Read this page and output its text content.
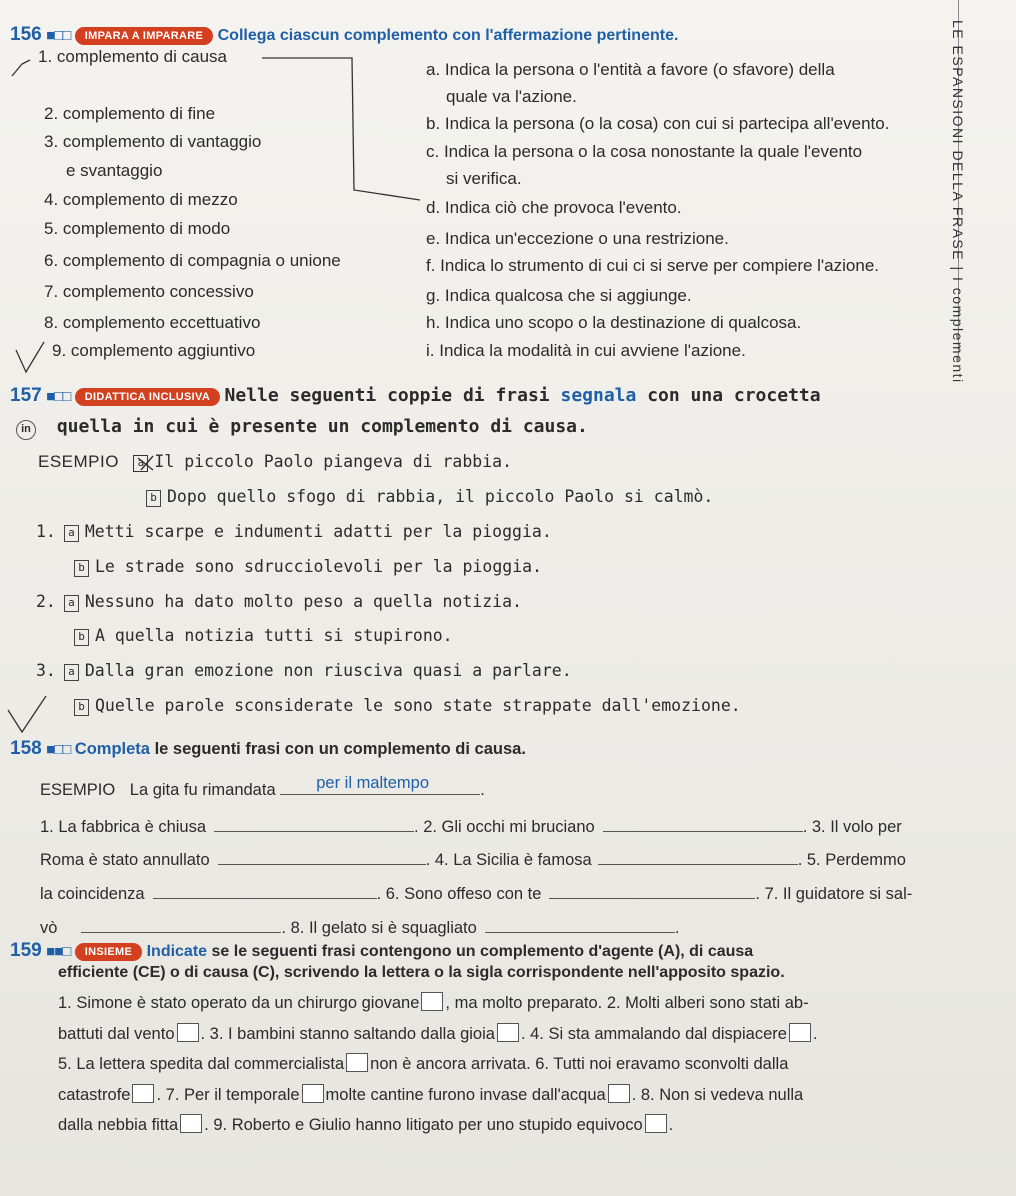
LE ESPANSIONI DELLA FRASE | I complementi
156 ■□□ IMPARA A IMPARARE Collega ciascun complemento con l'affermazione pertinente.
1. complemento di causa
2. complemento di fine
3. complemento di vantaggio
e svantaggio
4. complemento di mezzo
5. complemento di modo
6. complemento di compagnia o unione
7. complemento concessivo
8. complemento eccettuativo
9. complemento aggiuntivo
a. Indica la persona o l'entità a favore (o sfavore) della
quale va l'azione.
b. Indica la persona (o la cosa) con cui si partecipa all'evento.
c. Indica la persona o la cosa nonostante la quale l'evento
si verifica.
d. Indica ciò che provoca l'evento.
e. Indica un'eccezione o una restrizione.
f. Indica lo strumento di cui ci si serve per compiere l'azione.
g. Indica qualcosa che si aggiunge.
h. Indica uno scopo o la destinazione di qualcosa.
i. Indica la modalità in cui avviene l'azione.
157 ■□□ DIDATTICA INCLUSIVA Nelle seguenti coppie di frasi segnala con una crocetta
in quella in cui è presente un complemento di causa.
ESEMPIO a Il piccolo Paolo piangeva di rabbia.
b Dopo quello sfogo di rabbia, il piccolo Paolo si calmò.
1. a Metti scarpe e indumenti adatti per la pioggia.
b Le strade sono sdrucciolevoli per la pioggia.
2. a Nessuno ha dato molto peso a quella notizia.
b A quella notizia tutti si stupirono.
3. a Dalla gran emozione non riusciva quasi a parlare.
b Quelle parole sconsiderate le sono state strappate dall'emozione.
158 ■□□ Completa le seguenti frasi con un complemento di causa.
ESEMPIO La gita fu rimandata per il maltempo	.
1. La fabbrica è chiusa	. 2. Gli occhi mi bruciano	. 3. Il volo per
Roma è stato annullato	. 4. La Sicilia è famosa	. 5. Perdemmo
la coincidenza	. 6. Sono offeso con te	. 7. Il guidatore si sal-
vò	. 8. Il gelato si è squagliato	.
159 ■■□ INSIEME Indicate se le seguenti frasi contengono un complemento d'agente (A), di causa
efficiente (CE) o di causa (C), scrivendo la lettera o la sigla corrispondente nell'apposito spazio.
1. Simone è stato operato da un chirurgo giovane , ma molto preparato. 2. Molti alberi sono stati ab-
battuti dal vento . 3. I bambini stanno saltando dalla gioia . 4. Si sta ammalando dal dispiacere .
5. La lettera spedita dal commercialista non è ancora arrivata. 6. Tutti noi eravamo sconvolti dalla
catastrofe . 7. Per il temporale molte cantine furono invase dall'acqua . 8. Non si vedeva nulla
dalla nebbia fitta . 9. Roberto e Giulio hanno litigato per uno stupido equivoco .
